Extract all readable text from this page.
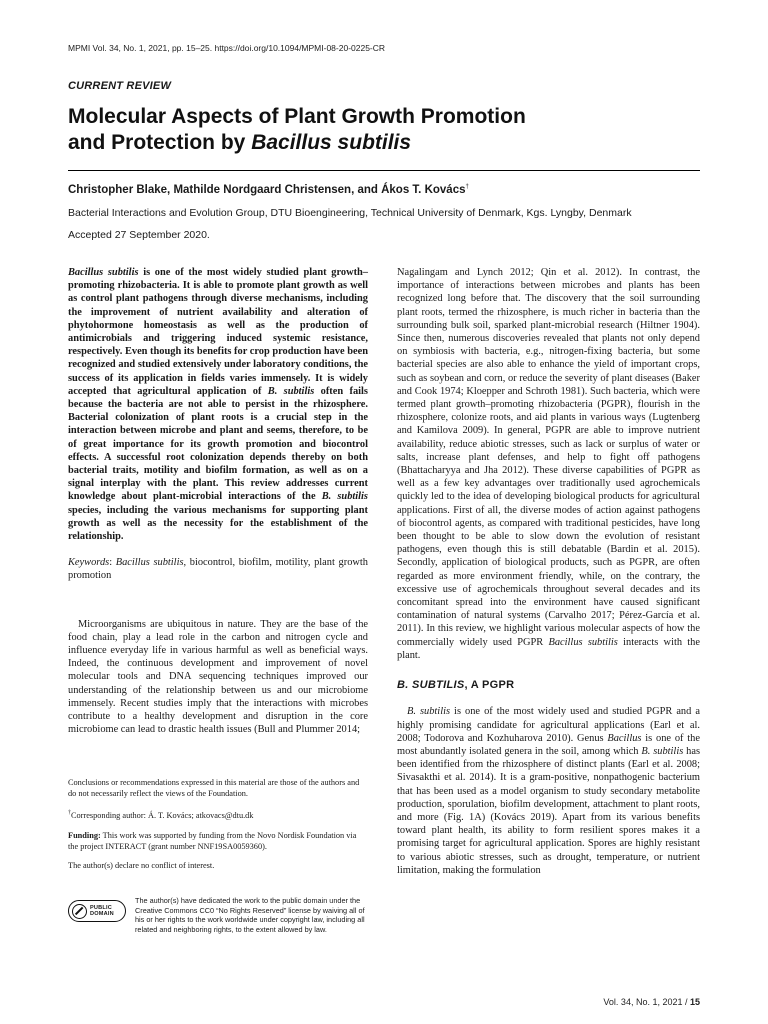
MPMI Vol. 34, No. 1, 2021, pp. 15–25. https://doi.org/10.1094/MPMI-08-20-0225-CR
CURRENT REVIEW
Molecular Aspects of Plant Growth Promotion
and Protection by Bacillus subtilis
Christopher Blake, Mathilde Nordgaard Christensen, and Ákos T. Kovács†
Bacterial Interactions and Evolution Group, DTU Bioengineering, Technical University of Denmark, Kgs. Lyngby, Denmark
Accepted 27 September 2020.

Bacillus subtilis is one of the most widely studied plant growth–promoting rhizobacteria. It is able to promote plant growth as well as control plant pathogens through diverse mechanisms, including the improvement of nutrient availability and alteration of phytohormone homeostasis as well as the production of antimicrobials and triggering induced systemic resistance, respectively. Even though its benefits for crop production have been recognized and studied extensively under laboratory conditions, the success of its application in fields varies immensely. It is widely accepted that agricultural application of B. subtilis often fails because the bacteria are not able to persist in the rhizosphere. Bacterial colonization of plant roots is a crucial step in the interaction between microbe and plant and seems, therefore, to be of great importance for its growth promotion and biocontrol effects. A successful root colonization depends thereby on both bacterial traits, motility and biofilm formation, as well as on a signal interplay with the plant. This review addresses current knowledge about plant-microbial interactions of the B. subtilis species, including the various mechanisms for supporting plant growth as well as the necessity for the establishment of the relationship.

Keywords: Bacillus subtilis, biocontrol, biofilm, motility, plant growth promotion

Microorganisms are ubiquitous in nature. They are the base of the food chain, play a lead role in the carbon and nitrogen cycle and influence everyday life in various harmful as well as beneficial ways. Indeed, the continuous development and improvement of novel molecular tools and DNA sequencing techniques improved our understanding of the relationship between us and our microbiome immensely. Recent studies imply that the interactions with microbes contribute to a healthy development and disruption in the core microbiome can lead to drastic health issues (Bull and Plummer 2014;

Conclusions or recommendations expressed in this material are those of the authors and do not necessarily reflect the views of the Foundation.

†Corresponding author: Á. T. Kovács; atkovacs@dtu.dk

Funding: This work was supported by funding from the Novo Nordisk Foundation via the project INTERACT (grant number NNF19SA0059360).

The author(s) declare no conflict of interest.

PUBLIC
DOMAIN
The author(s) have dedicated the work to the public domain under the Creative Commons CC0 “No Rights Reserved” license by waiving all of his or her rights to the work worldwide under copyright law, including all related and neighboring rights, to the extent allowed by law.

Nagalingam and Lynch 2012; Qin et al. 2012). In contrast, the importance of interactions between microbes and plants has been recognized long before that. The discovery that the soil surrounding plant roots, termed the rhizosphere, is much richer in bacteria than the surrounding bulk soil, sparked plant-microbial research (Hiltner 1904). Since then, numerous discoveries revealed that plants not only depend on symbiosis with bacteria, e.g., nitrogen-fixing bacteria, but some bacterial species are also able to enhance the yield of important crops, such as soybean and corn, or reduce the severity of plant diseases (Baker and Cook 1974; Kloepper and Schroth 1981). Such bacteria, which were termed plant growth–promoting rhizobacteria (PGPR), flourish in the rhizosphere, colonize roots, and aid plants in various ways (Lugtenberg and Kamilova 2009). In general, PGPR are able to improve nutrient availability, reduce abiotic stresses, such as lack or surplus of water or salts, increase plant defenses, and help to fight off pathogens (Bhattacharyya and Jha 2012). These diverse capabilities of PGPR as well as a few key advantages over traditionally used agrochemicals quickly led to the idea of developing biological products for agricultural applications. First of all, the diverse modes of action against pathogens of biocontrol agents, as compared with traditional pesticides, have long been thought to be able to slow down the evolution of resistant pathogens, even though this is still debatable (Bardin et al. 2015). Secondly, application of biological products, such as PGPR, are often regarded as more environment friendly, while, on the contrary, the excessive use of agrochemicals throughout several decades and its concomitant spread into the environment have caused significant contamination of natural systems (Carvalho 2017; Pérez-García et al. 2011). In this review, we highlight various molecular aspects of how the commercially widely used PGPR Bacillus subtilis interacts with the plant.

B. SUBTILIS, A PGPR

B. subtilis is one of the most widely used and studied PGPR and a highly promising candidate for agricultural applications (Earl et al. 2008; Todorova and Kozhuharova 2010). Genus Bacillus is one of the most abundantly isolated genera in the soil, among which B. subtilis has been identified from the rhizosphere of distinct plants (Earl et al. 2008; Sivasakthi et al. 2014). It is a gram-positive, nonpathogenic bacterium that has been used as a model organism to study secondary metabolite production, sporulation, biofilm development, attachment to plant roots, and more (Fig. 1A) (Kovács 2019). Apart from its various benefits toward plant health, its ability to form resilient spores makes it a promising target for agricultural application. Spores are highly resistant to various abiotic stresses, such as drought, temperature, or nutrient limitation, making the formulation

Vol. 34, No. 1, 2021 / 15
